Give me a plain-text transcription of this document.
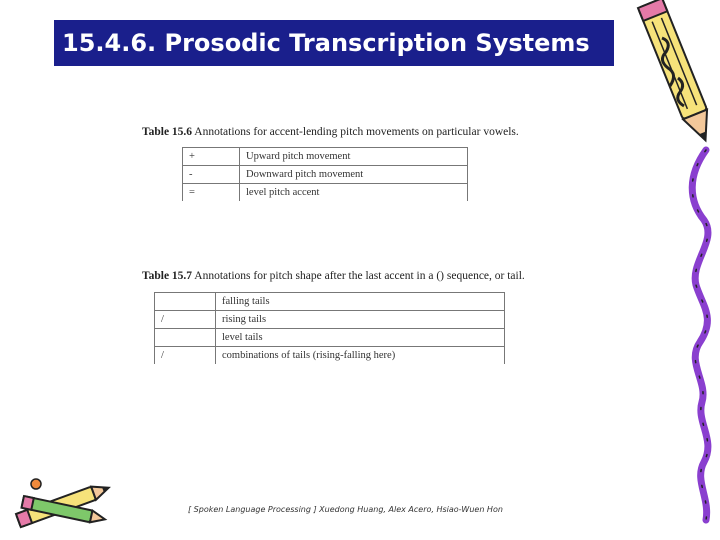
15.4.6. Prosodic Transcription Systems
Table 15.6 Annotations for accent-lending pitch movements on particular vowels.
+	Upward pitch movement
-	Downward pitch movement
=	level pitch accent
Table 15.7 Annotations for pitch shape after the last accent in a () sequence, or tail.
	falling tails
/	rising tails
	level tails
/	combinations of tails (rising-falling here)
[ Spoken Language Processing ] Xuedong Huang, Alex Acero, Hsiao-Wuen Hon
